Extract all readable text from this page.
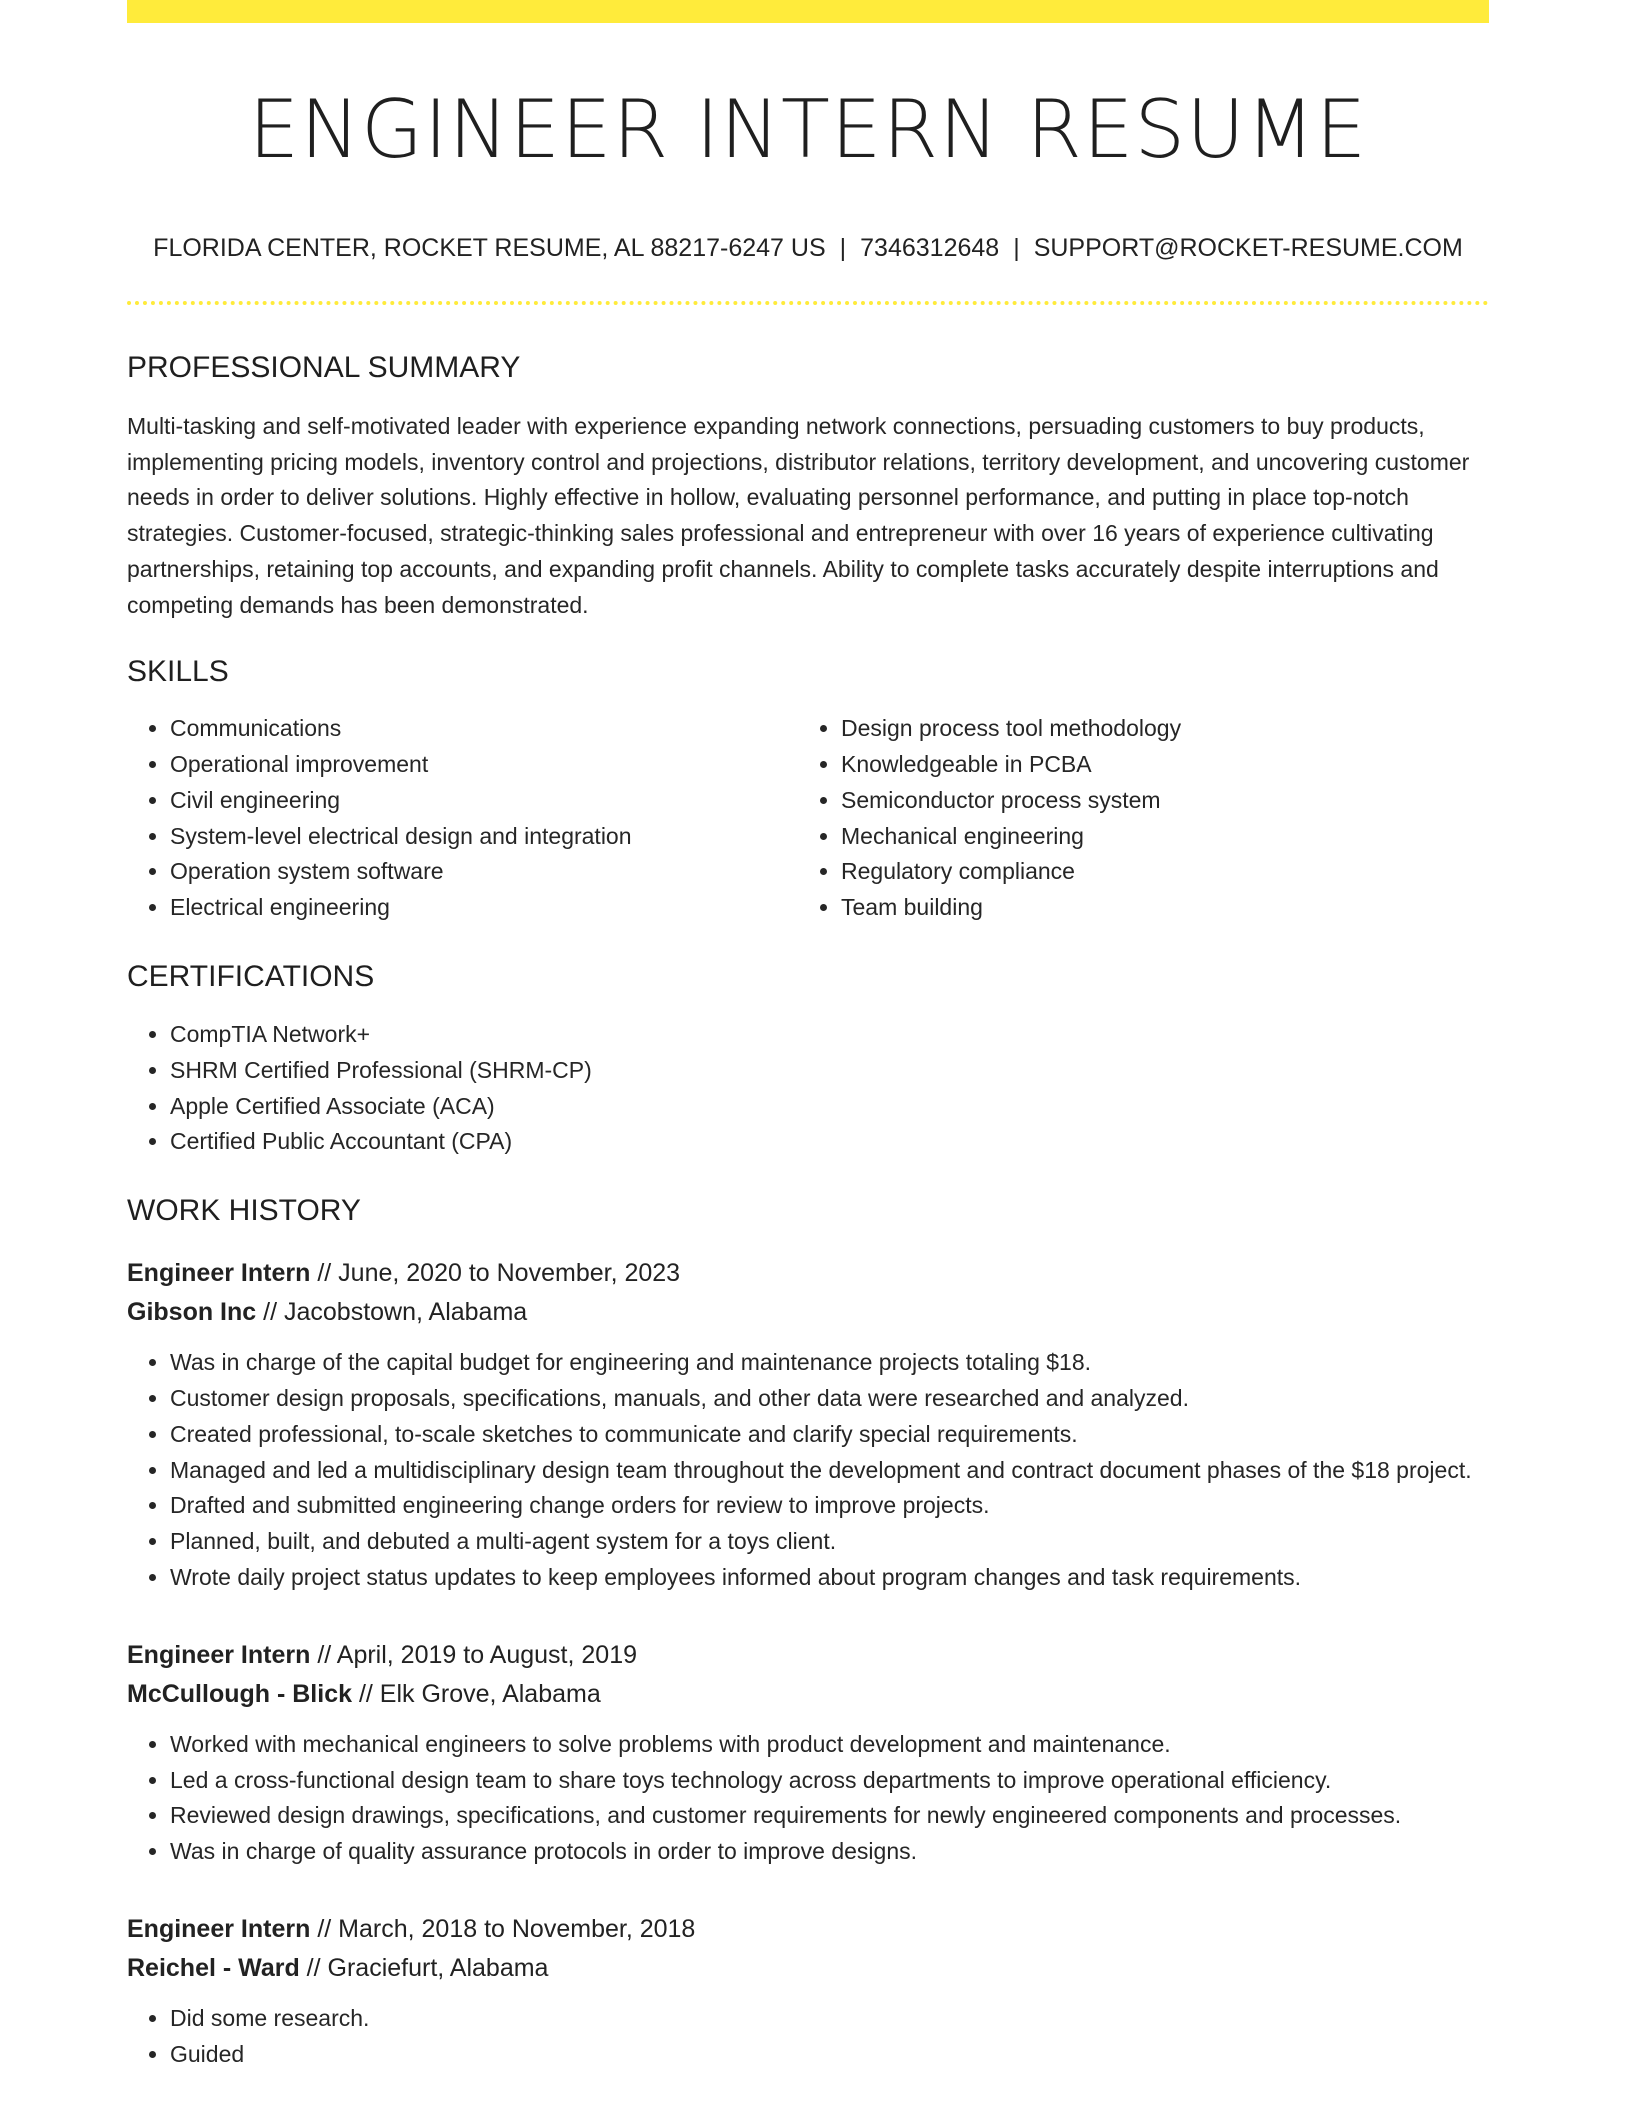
ENGINEER INTERN RESUME
FLORIDA CENTER, ROCKET RESUME, AL 88217-6247 US | 7346312648 | SUPPORT@ROCKET-RESUME.COM
PROFESSIONAL SUMMARY

Multi-tasking and self-motivated leader with experience expanding network connections, persuading customers to buy products, implementing pricing models, inventory control and projections, distributor relations, territory development, and uncovering customer needs in order to deliver solutions. Highly effective in hollow, evaluating personnel performance, and putting in place top-notch strategies. Customer-focused, strategic-thinking sales professional and entrepreneur with over 16 years of experience cultivating partnerships, retaining top accounts, and expanding profit channels. Ability to complete tasks accurately despite interruptions and competing demands has been demonstrated.

SKILLS
• Communications
• Operational improvement
• Civil engineering
• System-level electrical design and integration
• Operation system software
• Electrical engineering
• Design process tool methodology
• Knowledgeable in PCBA
• Semiconductor process system
• Mechanical engineering
• Regulatory compliance
• Team building
CERTIFICATIONS
• CompTIA Network+
• SHRM Certified Professional (SHRM-CP)
• Apple Certified Associate (ACA)
• Certified Public Accountant (CPA)
WORK HISTORY
Engineer Intern // June, 2020 to November, 2023
Gibson Inc // Jacobstown, Alabama
• Was in charge of the capital budget for engineering and maintenance projects totaling $18.
• Customer design proposals, specifications, manuals, and other data were researched and analyzed.
• Created professional, to-scale sketches to communicate and clarify special requirements.
• Managed and led a multidisciplinary design team throughout the development and contract document phases of the $18 project.
• Drafted and submitted engineering change orders for review to improve projects.
• Planned, built, and debuted a multi-agent system for a toys client.
• Wrote daily project status updates to keep employees informed about program changes and task requirements.
Engineer Intern // April, 2019 to August, 2019
McCullough - Blick // Elk Grove, Alabama
• Worked with mechanical engineers to solve problems with product development and maintenance.
• Led a cross-functional design team to share toys technology across departments to improve operational efficiency.
• Reviewed design drawings, specifications, and customer requirements for newly engineered components and processes.
• Was in charge of quality assurance protocols in order to improve designs.
Engineer Intern // March, 2018 to November, 2018
Reichel - Ward // Graciefurt, Alabama
• Did some research.
• Guided
